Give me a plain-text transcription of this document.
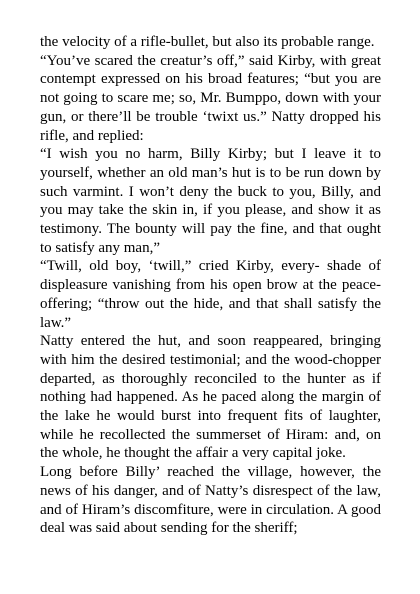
the velocity of a rifle-bullet, but also its probable range.

“You’ve scared the creatur’s off,” said Kirby, with great contempt expressed on his broad features; “but you are not going to scare me; so, Mr. Bumppo, down with your gun, or there’ll be trouble ‘twixt us.” Natty dropped his rifle, and replied:

“I wish you no harm, Billy Kirby; but I leave it to yourself, whether an old man’s hut is to be run down by such varmint. I won’t deny the buck to you, Billy, and you may take the skin in, if you please, and show it as testimony. The bounty will pay the fine, and that ought to satisfy any man,”

“Twill, old boy, ‘twill,” cried Kirby, every- shade of displeasure vanishing from his open brow at the peace-offering; “throw out the hide, and that shall satisfy the law.”

Natty entered the hut, and soon reappeared, bringing with him the desired testimonial; and the wood-chopper departed, as thoroughly reconciled to the hunter as if nothing had happened. As he paced along the margin of the lake he would burst into frequent fits of laughter, while he recollected the summerset of Hiram: and, on the whole, he thought the affair a very capital joke.

Long before Billy’ reached the village, however, the news of his danger, and of Natty’s disrespect of the law, and of Hiram’s discomfiture, were in circulation. A good deal was said about sending for the sheriff;
